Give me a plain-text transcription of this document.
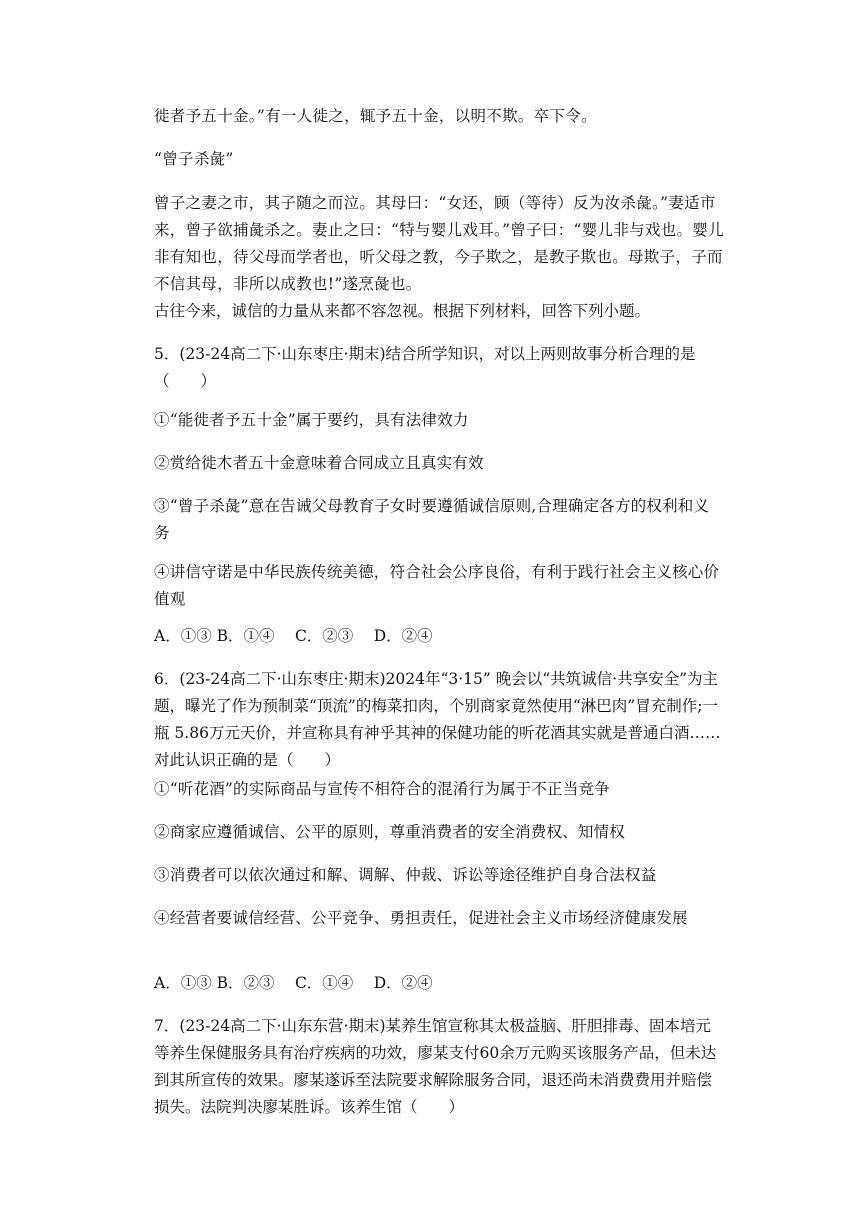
徙者予五十金。”有一人徙之，辄予五十金，以明不欺。卒下令。

“曾子杀彘”

曾子之妻之市，其子随之而泣。其母曰：“女还，顾（等待）反为汝杀彘。”妻适市来，曾子欲捕彘杀之。妻止之曰：“特与婴儿戏耳。”曾子曰：“婴儿非与戏也。婴儿非有知也，待父母而学者也，听父母之教，今子欺之，是教子欺也。母欺子，子而不信其母，非所以成教也!”遂烹彘也。

古往今来，诚信的力量从来都不容忽视。根据下列材料，回答下列小题。

5．(23-24高二下·山东枣庄·期末)结合所学知识，对以上两则故事分析合理的是（　　）

①“能徙者予五十金”属于要约，具有法律效力

②赏给徙木者五十金意味着合同成立且真实有效

③“曾子杀彘”意在告诫父母教育子女时要遵循诚信原则,合理确定各方的权利和义务

④讲信守诺是中华民族传统美德，符合社会公序良俗，有利于践行社会主义核心价值观

A．①③ B．①④　 C．②③　 D．②④

6．(23-24高二下·山东枣庄·期末)2024年“3·15” 晚会以“共筑诚信·共享安全”为主题，曝光了作为预制菜“顶流”的梅菜扣肉，个别商家竟然使用“淋巴肉”冒充制作;一瓶 5.86万元天价，并宣称具有神乎其神的保健功能的听花酒其实就是普通白酒……对此认识正确的是（　　）

①“听花酒”的实际商品与宣传不相符合的混淆行为属于不正当竞争

②商家应遵循诚信、公平的原则，尊重消费者的安全消费权、知情权

③消费者可以依次通过和解、调解、仲裁、诉讼等途径维护自身合法权益

④经营者要诚信经营、公平竞争、勇担责任，促进社会主义市场经济健康发展

A．①③ B．②③　 C．①④　 D．②④

7．(23-24高二下·山东东营·期末)某养生馆宣称其太极益脑、肝胆排毒、固本培元等养生保健服务具有治疗疾病的功效，廖某支付60余万元购买该服务产品，但未达到其所宣传的效果。廖某遂诉至法院要求解除服务合同，退还尚未消费费用并赔偿损失。法院判决廖某胜诉。该养生馆（　　）
